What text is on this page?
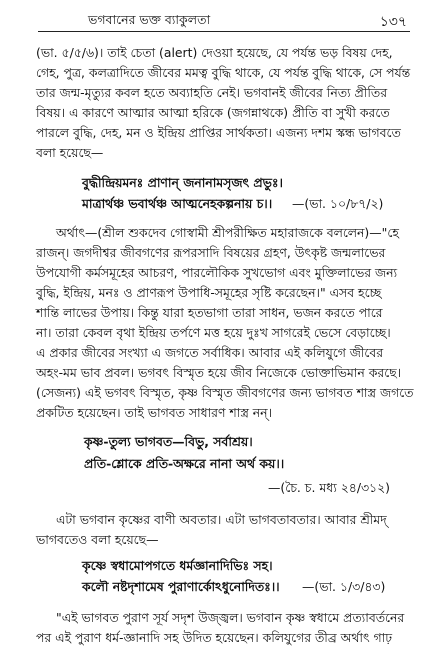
ভগবানের ভক্ত ব্যাকুলতা	১৩৭
(ভা. ৫/৫/৬)। তাই চেতা (alert) দেওয়া হয়েছে, যে পর্যন্ত ভড় বিষয় দেহ,
গেহ, পুত্র, কলত্রাদিতে জীবের মমত্ব বুদ্ধি থাকে, যে পর্যন্ত বুদ্ধি থাকে, সে পর্যন্ত
তার জন্ম-মৃত্যুর কবল হতে অব্যাহতি নেই। ভগবানই জীবের নিত্য প্রীতির
বিষয়। এ কারণে আত্মার আত্মা হরিকে (জগন্নাথকে) প্রীতি বা সুখী করতে
পারলে বুদ্ধি, দেহ, মন ও ইন্দ্রিয় প্রাপ্তির সার্থকতা। এজন্য দশম স্কন্ধ ভাগবতে
বলা হয়েছে—
বুদ্ধীন্দ্রিয়মনঃ প্রাণান্ জনানামসৃজৎ প্রভুঃ।
মাত্রার্থঞ্চ ভবার্থঞ্চ আত্মনেহকল্পনায় চ।। —(ভা. ১০/৮৭/২)
অর্থাৎ—(শ্রীল শুকদেব গোস্বামী শ্রীপরীক্ষিত মহারাজকে বললেন)—"হে
রাজন্। জগদীশ্বর জীবগণের রূপরসাদি বিষয়ের গ্রহণ, উৎকৃষ্ট জন্মলাভের
উপযোগী কর্মসমূহের আচরণ, পারলৌকিক সুখভোগ এবং মুক্তিলাভের জন্য
বুদ্ধি, ইন্দ্রিয়, মনঃ ও প্রাণরূপ উপাধি-সমূহের সৃষ্টি করেছেন।" এসব হচ্ছে
শান্তি লাভের উপায়। কিন্তু যারা হতভাগা তারা সাধন, ভজন করতে পারে
না। তারা কেবল বৃথা ইন্দ্রিয় তর্পণে মত্ত হয়ে দুঃখ সাগরেই ভেসে বেড়াচ্ছে।
এ প্রকার জীবের সংখ্যা এ জগতে সর্বাধিক। আবার এই কলিযুগে জীবের
অহং-মম ভাব প্রবল। ভগবৎ বিস্মৃত হয়ে জীব নিজেকে ভোক্তাভিমান করছে।
(সেজন্য) এই ভগবৎ বিস্মৃত, কৃষ্ণ বিস্মৃত জীবগণের জন্য ভাগবত শাস্ত্র জগতে
প্রকটিত হয়েছেন। তাই ভাগবত সাধারণ শাস্ত্র নন্।
কৃষ্ণ-তুল্য ভাগবত—বিভু, সর্বাশ্রয়।
প্রতি-শ্লোকে প্রতি-অক্ষরে নানা অর্থ কয়।।
—(চৈ. চ. মধ্য ২৪/৩১২)
এটা ভগবান কৃষ্ণের বাণী অবতার। এটা ভাগবতাবতার। আবার শ্রীমদ্
ভাগবতেও বলা হয়েছে—
কৃষ্ণে স্বধামোপগতে ধর্মজ্ঞানাদিভিঃ সহ।
কলৌ নষ্টদৃশামেষ পুরাণার্কোঽধুনোদিতঃ।। —(ভা. ১/৩/৪৩)
"এই ভাগবত পুরাণ সূর্য সদৃশ উজ্জ্বল। ভগবান কৃষ্ণ স্বধামে প্রত্যাবর্তনের
পর এই পুরাণ ধর্ম-জ্ঞানাদি সহ উদিত হয়েছেন। কলিযুগের তীব্র অর্থাৎ গাঢ়
